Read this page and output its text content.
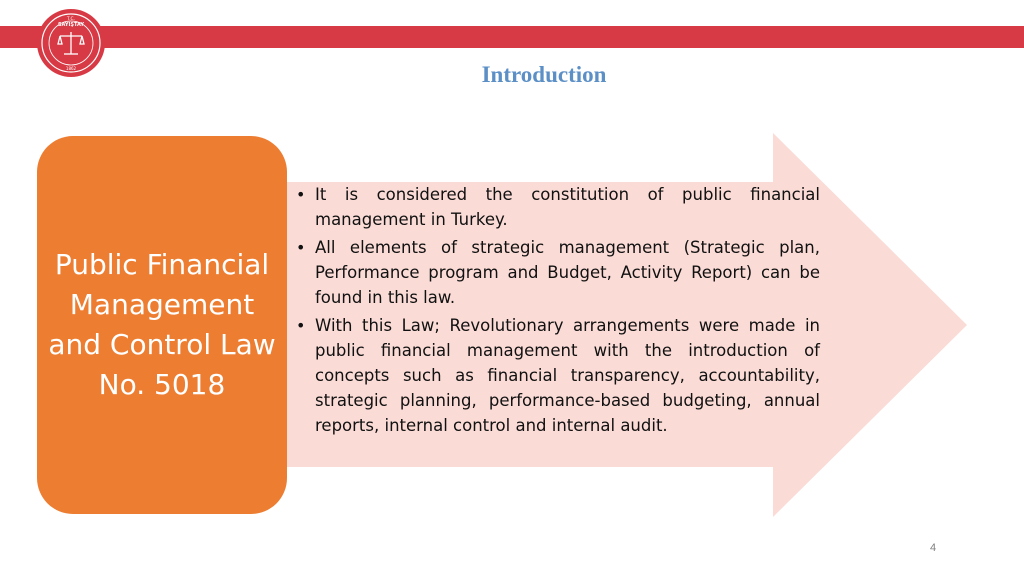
T.C.
SAYIŞTAY
1862	Introduction
Public Financial Management and Control Law No. 5018
• It is considered the constitution of public financial management in Turkey.
• All elements of strategic management (Strategic plan, Performance program and Budget, Activity Report) can be found in this law.
• With this Law; Revolutionary arrangements were made in public financial management with the introduction of concepts such as financial transparency, accountability, strategic planning, performance-based budgeting, annual reports, internal control and internal audit.
4
